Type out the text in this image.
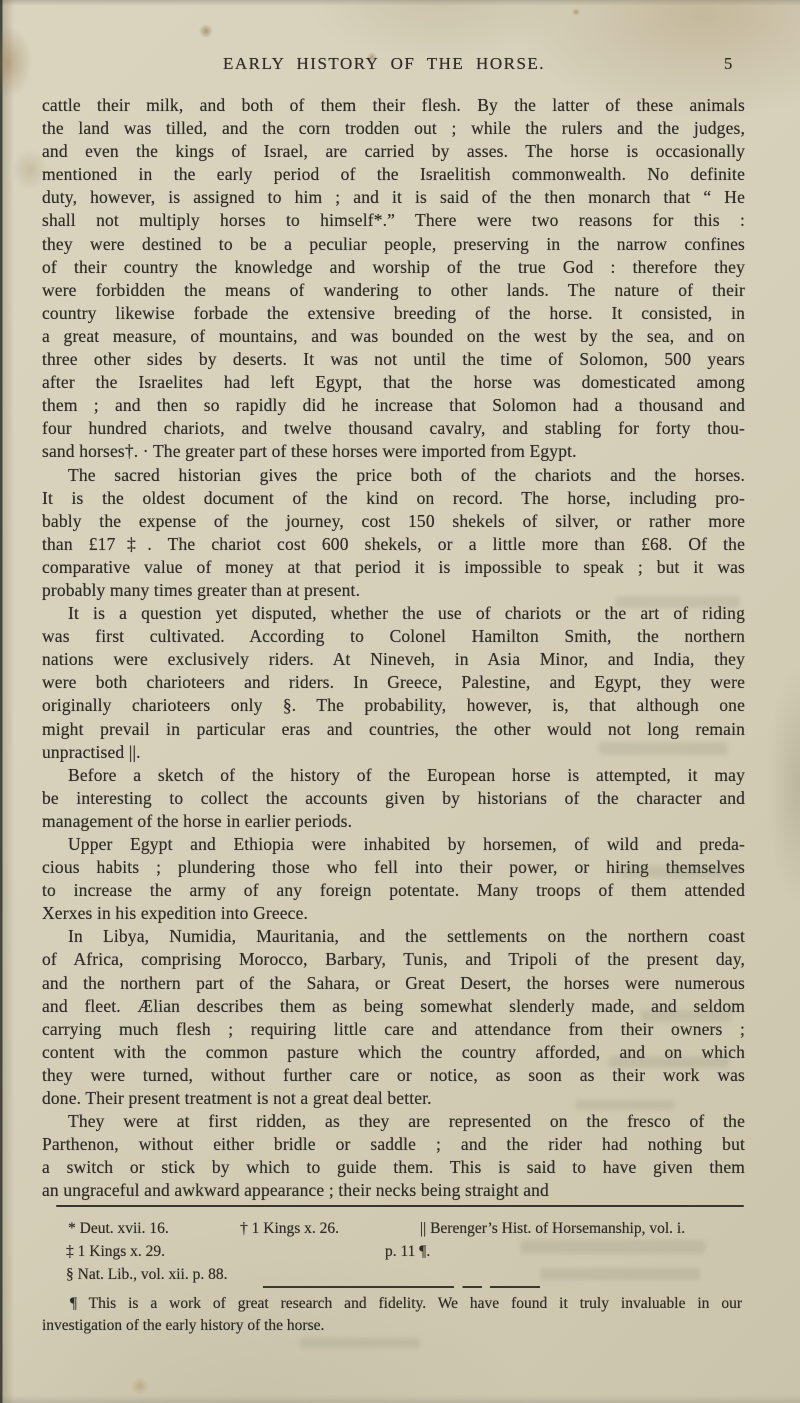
EARLY HISTORY OF THE HORSE.	5
cattle their milk, and both of them their flesh. By the latter of these animals
the land was tilled, and the corn trodden out ; while the rulers and the judges,
and even the kings of Israel, are carried by asses. The horse is occasionally
mentioned in the early period of the Israelitish commonwealth. No definite
duty, however, is assigned to him ; and it is said of the then monarch that “ He
shall not multiply horses to himself*.” There were two reasons for this :
they were destined to be a peculiar people, preserving in the narrow confines
of their country the knowledge and worship of the true God : therefore they
were forbidden the means of wandering to other lands. The nature of their
country likewise forbade the extensive breeding of the horse. It consisted, in
a great measure, of mountains, and was bounded on the west by the sea, and on
three other sides by deserts. It was not until the time of Solomon, 500 years
after the Israelites had left Egypt, that the horse was domesticated among
them ; and then so rapidly did he increase that Solomon had a thousand and
four hundred chariots, and twelve thousand cavalry, and stabling for forty thou-
sand horses†. · The greater part of these horses were imported from Egypt.
The sacred historian gives the price both of the chariots and the horses.
It is the oldest document of the kind on record. The horse, including pro-
bably the expense of the journey, cost 150 shekels of silver, or rather more
than £17‡. The chariot cost 600 shekels, or a little more than £68. Of the
comparative value of money at that period it is impossible to speak ; but it was
probably many times greater than at present.
It is a question yet disputed, whether the use of chariots or the art of riding
was first cultivated. According to Colonel Hamilton Smith, the northern
nations were exclusively riders. At Nineveh, in Asia Minor, and India, they
were both charioteers and riders. In Greece, Palestine, and Egypt, they were
originally charioteers only §. The probability, however, is, that although one
might prevail in particular eras and countries, the other would not long remain
unpractised ||.
Before a sketch of the history of the European horse is attempted, it may
be interesting to collect the accounts given by historians of the character and
management of the horse in earlier periods.
Upper Egypt and Ethiopia were inhabited by horsemen, of wild and preda-
cious habits ; plundering those who fell into their power, or hiring themselves
to increase the army of any foreign potentate. Many troops of them attended
Xerxes in his expedition into Greece.
In Libya, Numidia, Mauritania, and the settlements on the northern coast
of Africa, comprising Morocco, Barbary, Tunis, and Tripoli of the present day,
and the northern part of the Sahara, or Great Desert, the horses were numerous
and fleet. Ælian describes them as being somewhat slenderly made, and seldom
carrying much flesh ; requiring little care and attendance from their owners ;
content with the common pasture which the country afforded, and on which
they were turned, without further care or notice, as soon as their work was
done. Their present treatment is not a great deal better.
They were at first ridden, as they are represented on the fresco of the
Parthenon, without either bridle or saddle ; and the rider had nothing but
a switch or stick by which to guide them. This is said to have given them
an ungraceful and awkward appearance ; their necks being straight and
* Deut. xvii. 16.	† 1 Kings x. 26.	|| Berenger’s Hist. of Horsemanship, vol. i.
‡ 1 Kings x. 29.	p. 11 ¶.
§ Nat. Lib., vol. xii. p. 88.
¶ This is a work of great research and fidelity. We have found it truly invaluable in our
investigation of the early history of the horse.
